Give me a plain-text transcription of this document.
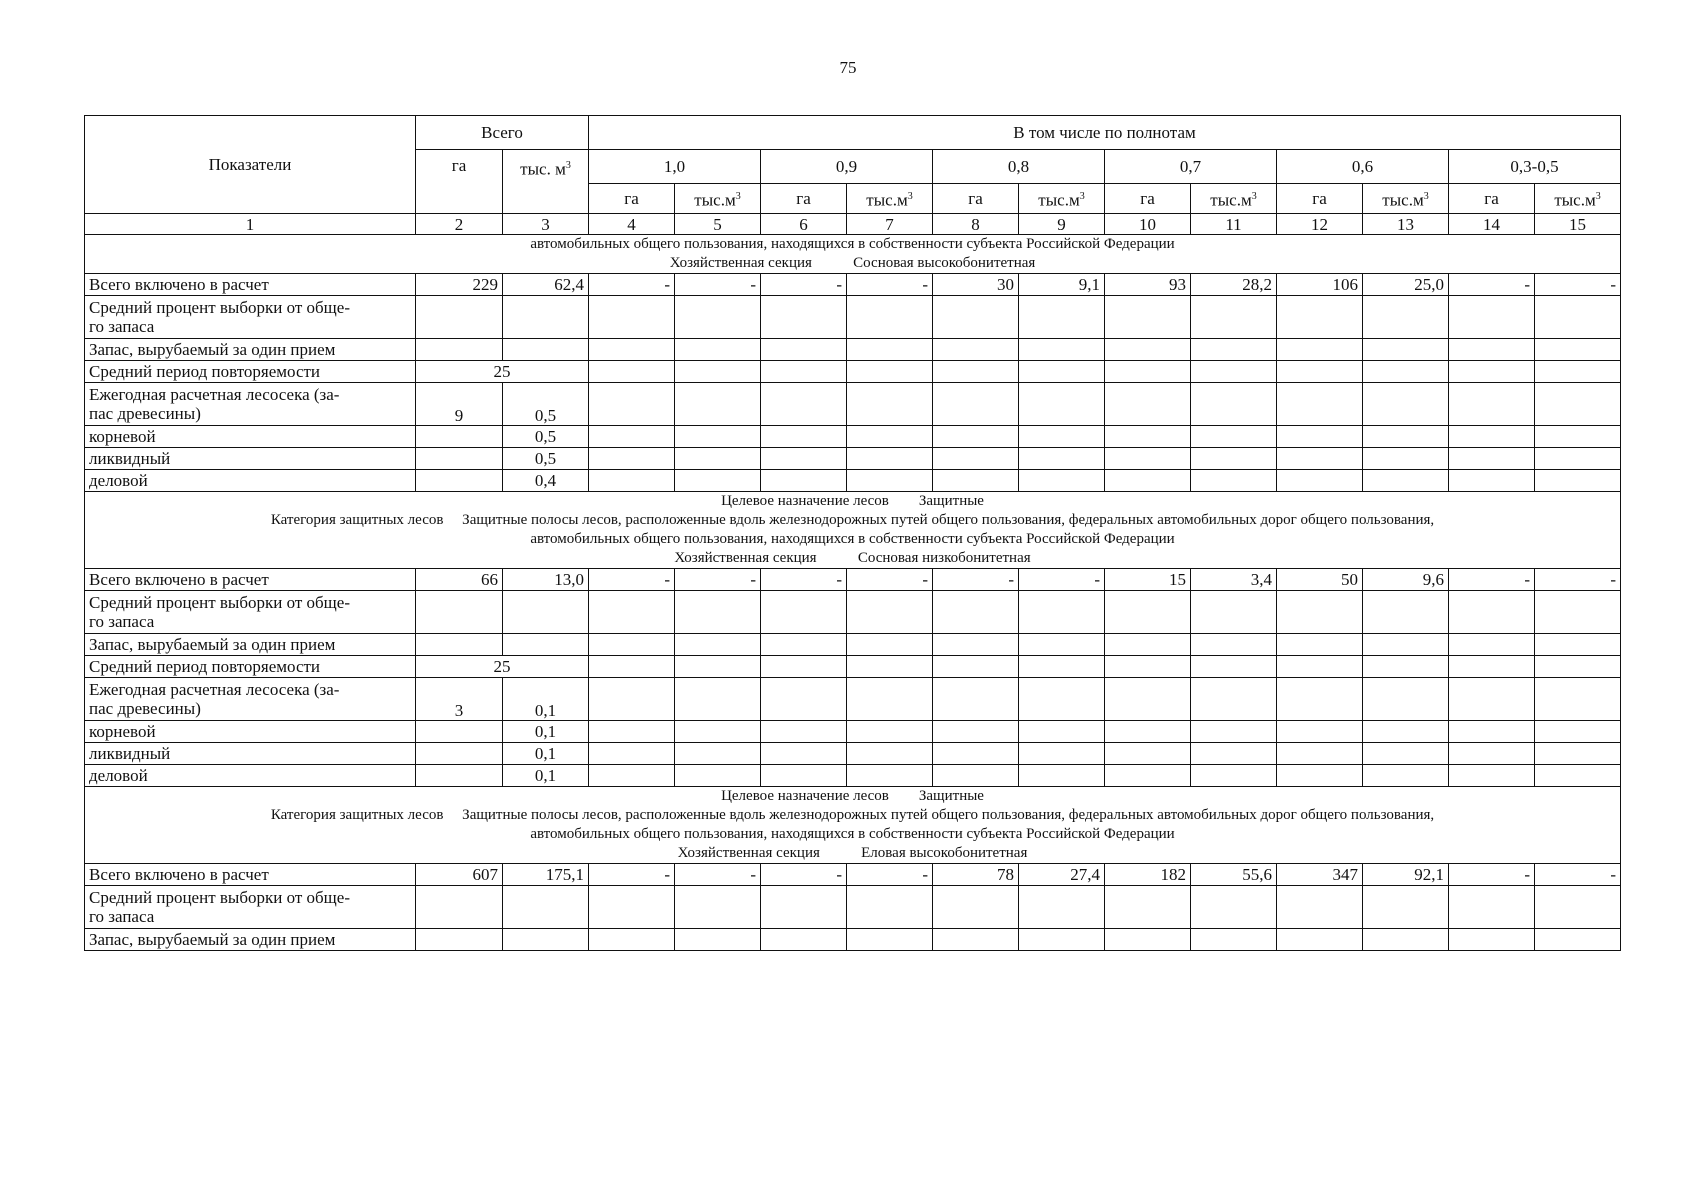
75
Показатели	Всего		В том числе по полнотам											
	га	тыс. $м^3$	1,0		0,9		0,8		0,7		0,6		0,3-0,5	
			га	$тыс.м^3$	га	$тыс.м^3$	га	$тыс.м^3$	га	$тыс.м^3$	га	$тыс.м^3$	га	$тыс.м^3$
1	2	3	4	5	6	7	8	9	10	11	12	13	14	15

автомобильных общего пользования, находящихся в собственности субъекта Российской Федерации
Хозяйственная секция           Сосновая высокобонитетная														

Всего включено в расчет	229	62,4	-	-	-	-	30	9,1	93	28,2	106	25,0	-	-
Средний процент выборки от обще-
го запаса														
Запас, вырубаемый за один прием														
Средний период повторяемости	25													
Ежегодная расчетная лесосека (за-
пас древесины)	9	0,5												
корневой		0,5												
ликвидный		0,5												
деловой		0,4												

Целевое назначение лесов        Защитные
Категория защитных лесов     Защитные полосы лесов, расположенные вдоль железнодорожных путей общего пользования, федеральных автомобильных дорог общего пользования,
автомобильных общего пользования, находящихся в собственности субъекта Российской Федерации
Хозяйственная секция           Сосновая низкобонитетная														

Всего включено в расчет	66	13,0	-	-	-	-	-	-	15	3,4	50	9,6	-	-
Средний процент выборки от обще-
го запаса														
Запас, вырубаемый за один прием														
Средний период повторяемости	25													
Ежегодная расчетная лесосека (за-
пас древесины)	3	0,1												
корневой		0,1												
ликвидный		0,1												
деловой		0,1												

Целевое назначение лесов        Защитные
Категория защитных лесов     Защитные полосы лесов, расположенные вдоль железнодорожных путей общего пользования, федеральных автомобильных дорог общего пользования,
автомобильных общего пользования, находящихся в собственности субъекта Российской Федерации
Хозяйственная секция           Еловая высокобонитетная														

Всего включено в расчет	607	175,1	-	-	-	-	78	27,4	182	55,6	347	92,1	-	-
Средний процент выборки от обще-
го запаса														
Запас, вырубаемый за один прием														
